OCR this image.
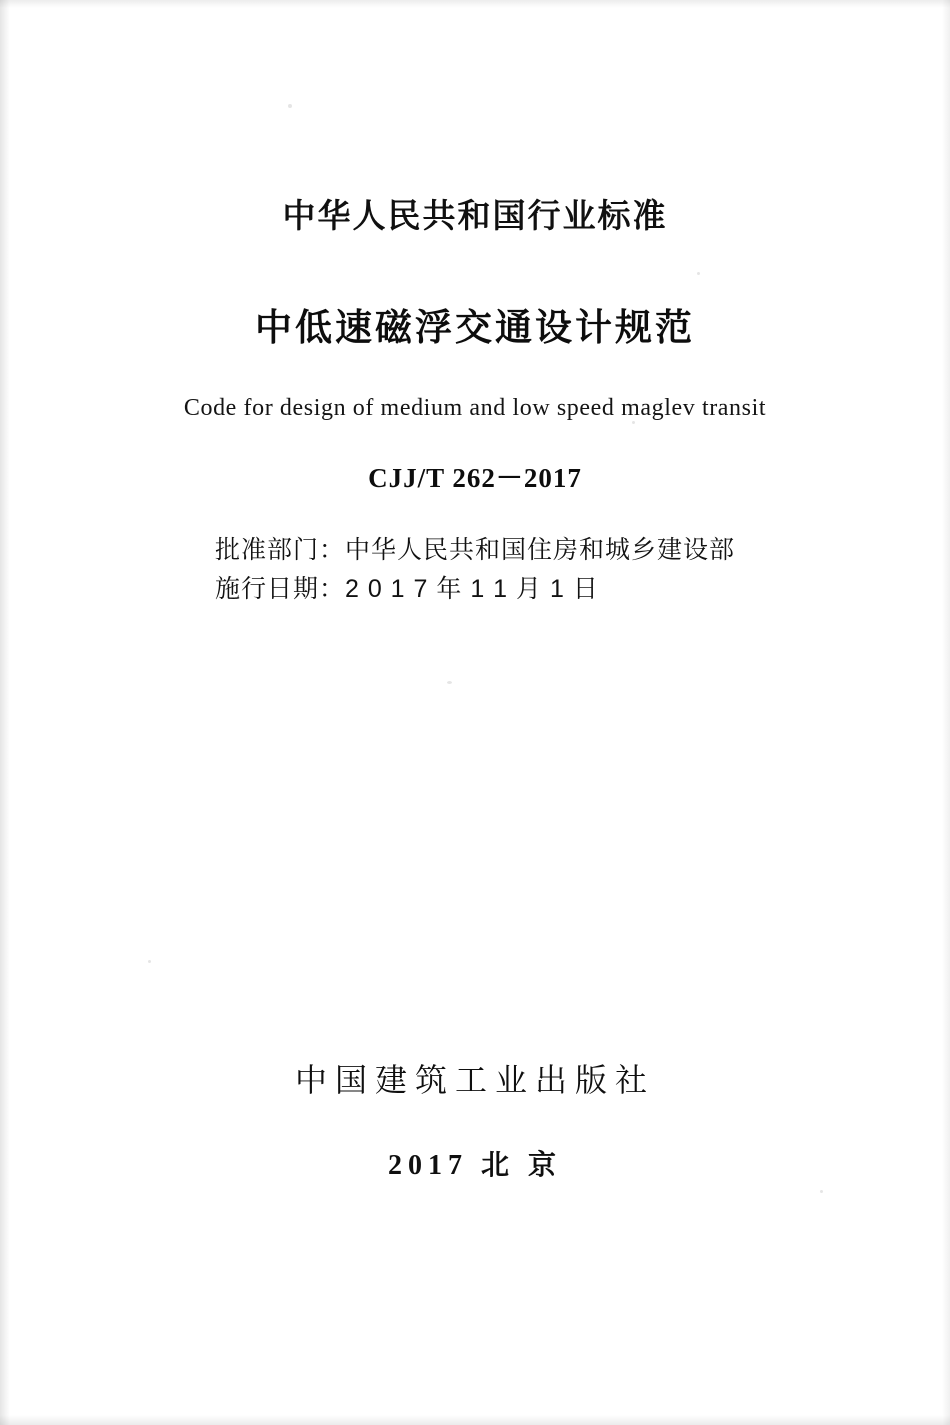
中华人民共和国行业标准
中低速磁浮交通设计规范
Code for design of medium and low speed maglev transit
CJJ/T 262－2017
批准部门：中华人民共和国住房和城乡建设部
施行日期：2 0 1 7 年 1 1 月 1 日
中国建筑工业出版社
2017 北 京
